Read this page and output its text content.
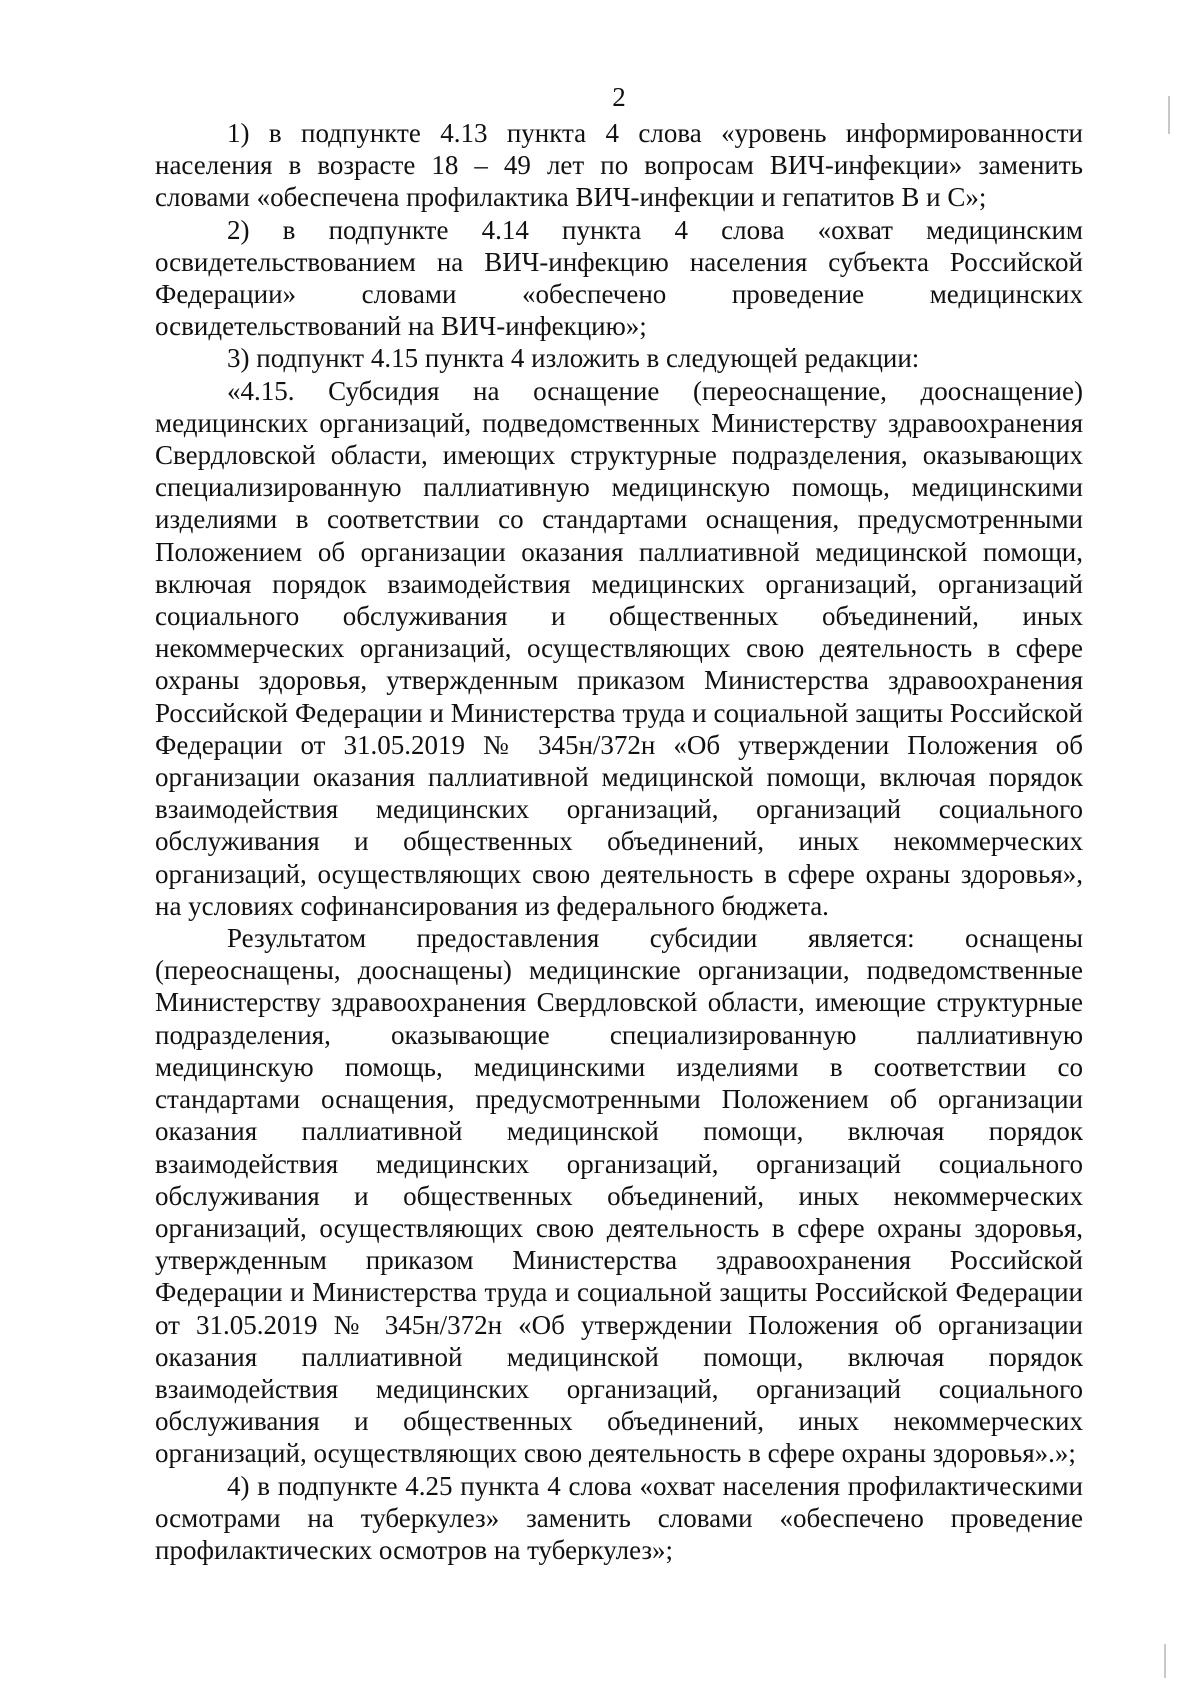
2

1) в подпункте 4.13 пункта 4 слова «уровень информированности населения в возрасте 18 – 49 лет по вопросам ВИЧ-инфекции» заменить словами «обеспечена профилактика ВИЧ-инфекции и гепатитов В и С»;

2) в подпункте 4.14 пункта 4 слова «охват медицинским освидетельствованием на ВИЧ-инфекцию населения субъекта Российской Федерации» словами «обеспечено проведение медицинских освидетельствований на ВИЧ-инфекцию»;

3) подпункт 4.15 пункта 4 изложить в следующей редакции:

«4.15. Субсидия на оснащение (переоснащение, дооснащение) медицинских организаций, подведомственных Министерству здравоохранения Свердловской области, имеющих структурные подразделения, оказывающих специализированную паллиативную медицинскую помощь, медицинскими изделиями в соответствии со стандартами оснащения, предусмотренными Положением об организации оказания паллиативной медицинской помощи, включая порядок взаимодействия медицинских организаций, организаций социального обслуживания и общественных объединений, иных некоммерческих организаций, осуществляющих свою деятельность в сфере охраны здоровья, утвержденным приказом Министерства здравоохранения Российской Федерации и Министерства труда и социальной защиты Российской Федерации от 31.05.2019 № 345н/372н «Об утверждении Положения об организации оказания паллиативной медицинской помощи, включая порядок взаимодействия медицинских организаций, организаций социального обслуживания и общественных объединений, иных некоммерческих организаций, осуществляющих свою деятельность в сфере охраны здоровья», на условиях софинансирования из федерального бюджета.

Результатом предоставления субсидии является: оснащены (переоснащены, дооснащены) медицинские организации, подведомственные Министерству здравоохранения Свердловской области, имеющие структурные подразделения, оказывающие специализированную паллиативную медицинскую помощь, медицинскими изделиями в соответствии со стандартами оснащения, предусмотренными Положением об организации оказания паллиативной медицинской помощи, включая порядок взаимодействия медицинских организаций, организаций социального обслуживания и общественных объединений, иных некоммерческих организаций, осуществляющих свою деятельность в сфере охраны здоровья, утвержденным приказом Министерства здравоохранения Российской Федерации и Министерства труда и социальной защиты Российской Федерации от 31.05.2019 № 345н/372н «Об утверждении Положения об организации оказания паллиативной медицинской помощи, включая порядок взаимодействия медицинских организаций, организаций социального обслуживания и общественных объединений, иных некоммерческих организаций, осуществляющих свою деятельность в сфере охраны здоровья».»;

4) в подпункте 4.25 пункта 4 слова «охват населения профилактическими осмотрами на туберкулез» заменить словами «обеспечено проведение профилактических осмотров на туберкулез»;
